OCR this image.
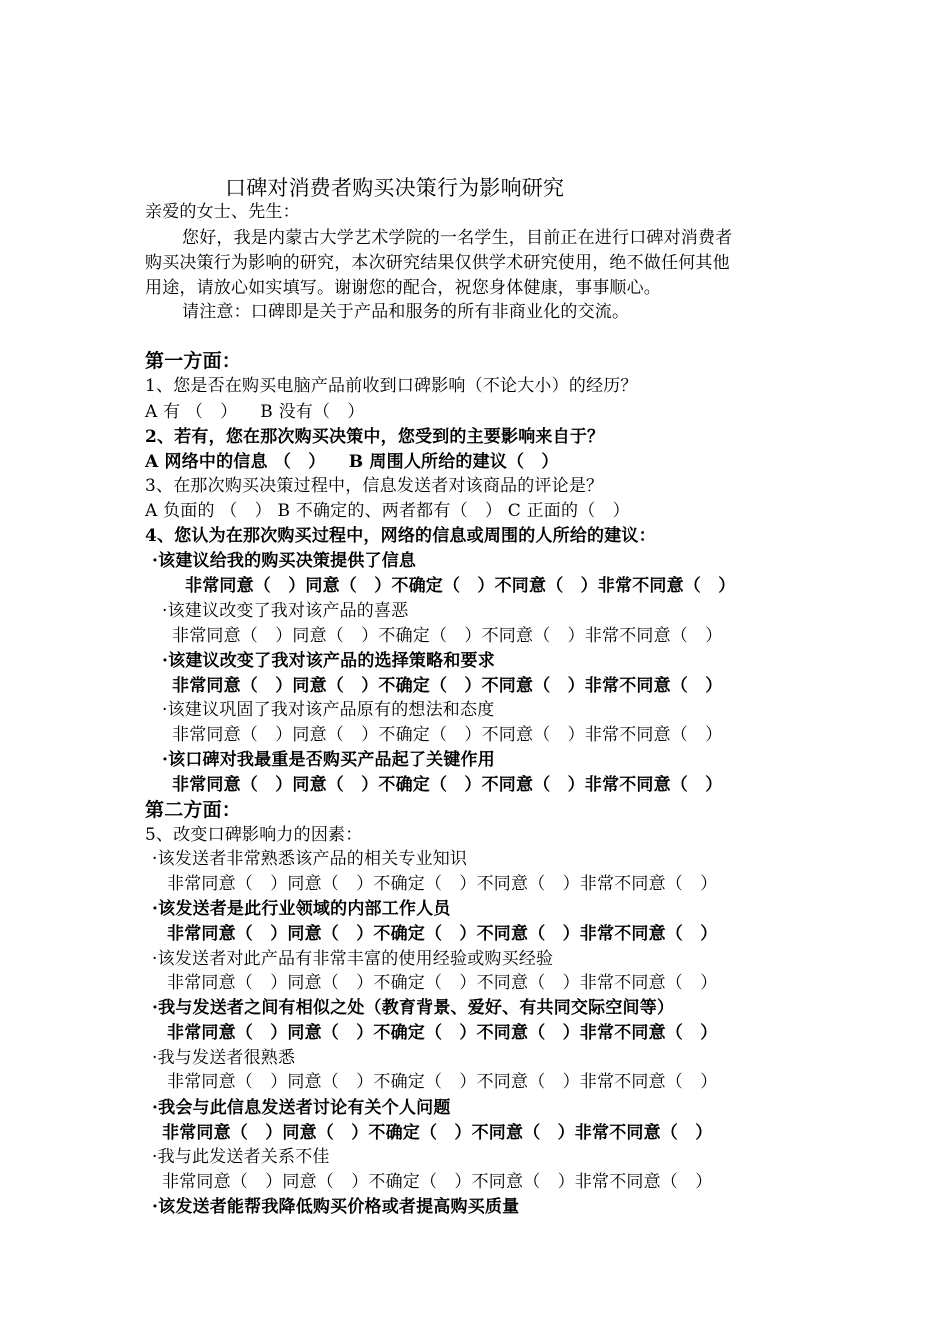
口碑对消费者购买决策行为影响研究
亲爱的女士、先生：
您好，我是内蒙古大学艺术学院的一名学生，目前正在进行口碑对消费者
购买决策行为影响的研究，本次研究结果仅供学术研究使用，绝不做任何其他
用途，请放心如实填写。谢谢您的配合，祝您身体健康，事事顺心。
请注意：口碑即是关于产品和服务的所有非商业化的交流。
第一方面：
1、您是否在购买电脑产品前收到口碑影响（不论大小）的经历？
A 有 （　） 　B 没有（　）
2、若有，您在那次购买决策中，您受到的主要影响来自于？
A 网络中的信息 （　） 　B 周围人所给的建议（　）
3、在那次购买决策过程中，信息发送者对该商品的评论是？
A 负面的 （　） B 不确定的、两者都有（　） C 正面的（　）
4、您认为在那次购买过程中，网络的信息或周围的人所给的建议：
·该建议给我的购买决策提供了信息
非常同意（　）同意（　）不确定（　）不同意（　）非常不同意（　）
·该建议改变了我对该产品的喜恶
非常同意（　）同意（　）不确定（　）不同意（　）非常不同意（　）
·该建议改变了我对该产品的选择策略和要求
非常同意（　）同意（　）不确定（　）不同意（　）非常不同意（　）
·该建议巩固了我对该产品原有的想法和态度
非常同意（　）同意（　）不确定（　）不同意（　）非常不同意（　）
·该口碑对我最重是否购买产品起了关键作用
非常同意（　）同意（　）不确定（　）不同意（　）非常不同意（　）
第二方面：
5、改变口碑影响力的因素：
·该发送者非常熟悉该产品的相关专业知识
非常同意（　）同意（　）不确定（　）不同意（　）非常不同意（　）
·该发送者是此行业领域的内部工作人员
非常同意（　）同意（　）不确定（　）不同意（　）非常不同意（　）
·该发送者对此产品有非常丰富的使用经验或购买经验
非常同意（　）同意（　）不确定（　）不同意（　）非常不同意（　）
·我与发送者之间有相似之处（教育背景、爱好、有共同交际空间等）
非常同意（　）同意（　）不确定（　）不同意（　）非常不同意（　）
·我与发送者很熟悉
非常同意（　）同意（　）不确定（　）不同意（　）非常不同意（　）
·我会与此信息发送者讨论有关个人问题
非常同意（　）同意（　）不确定（　）不同意（　）非常不同意（　）
·我与此发送者关系不佳
非常同意（　）同意（　）不确定（　）不同意（　）非常不同意（　）
·该发送者能帮我降低购买价格或者提高购买质量
